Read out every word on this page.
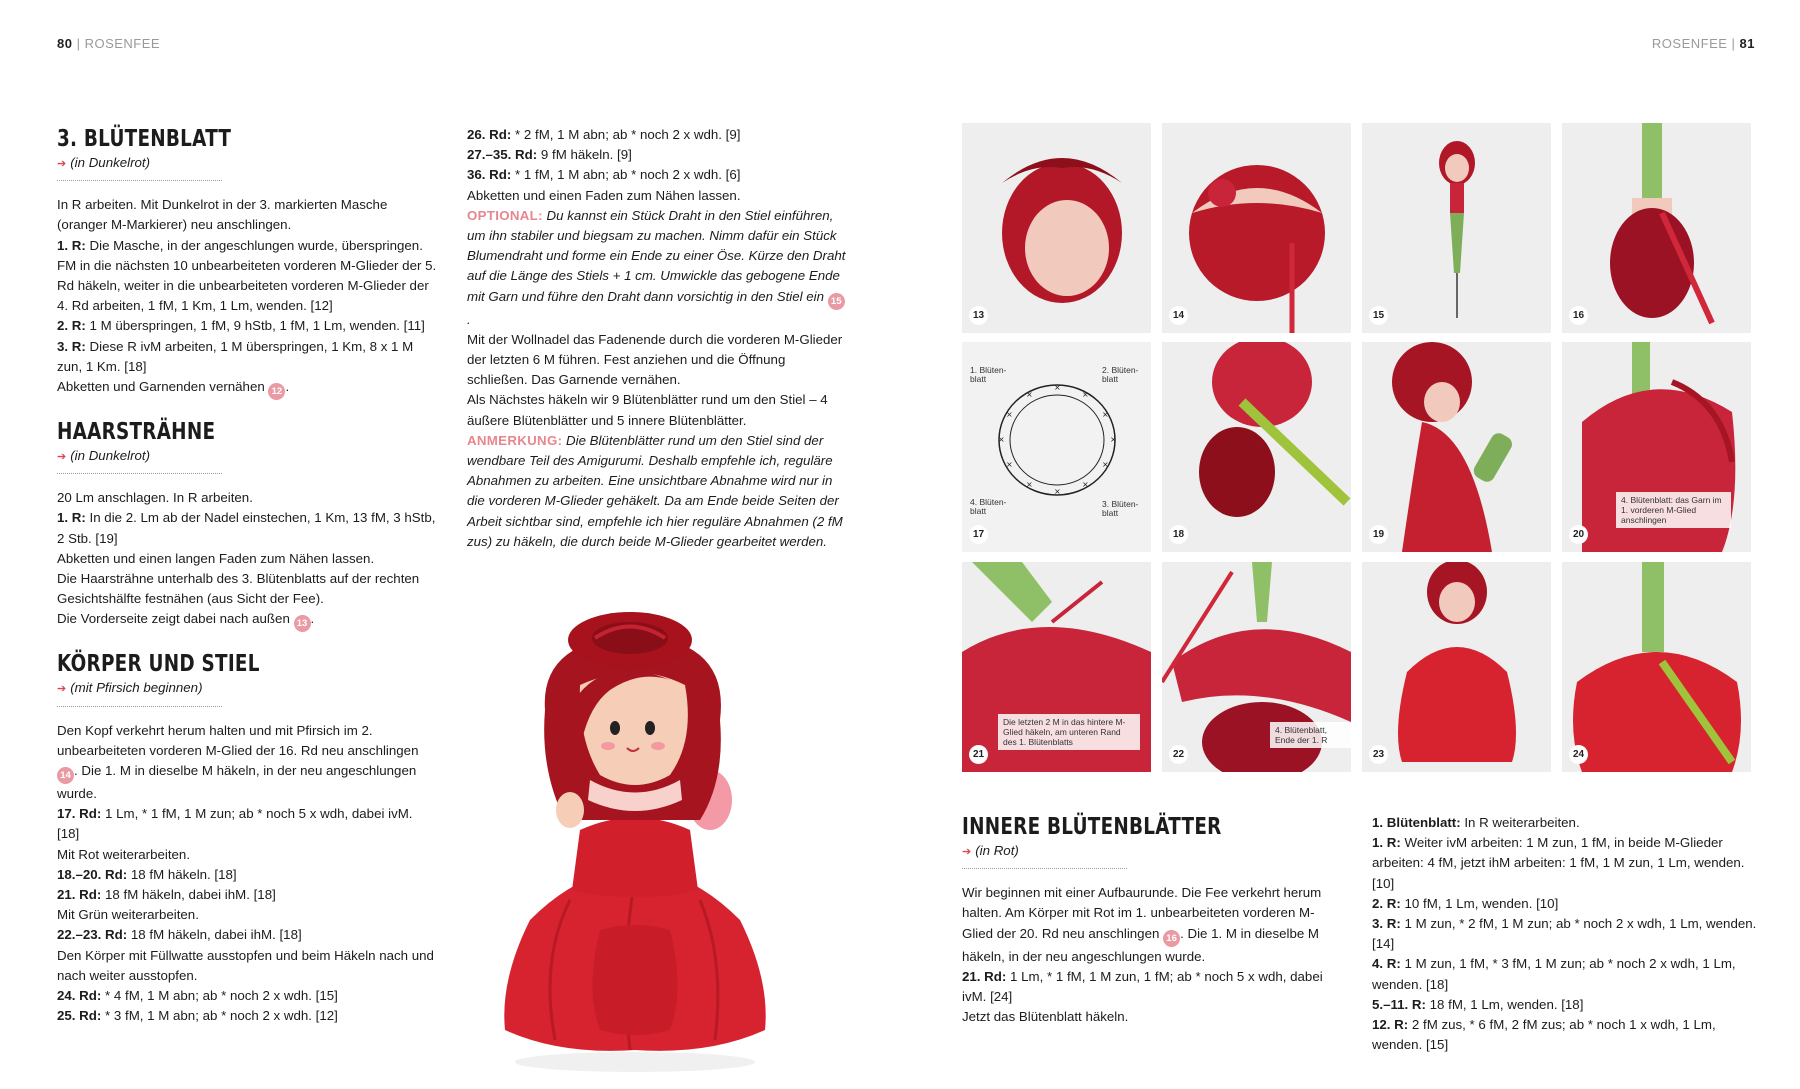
80 | ROSENFEE	ROSENFEE | 81

3. BLÜTENBLATT

➔ (in Dunkelrot)

In R arbeiten. Mit Dunkelrot in der 3. markierten Masche (oranger M-Markierer) neu anschlingen.

1. R: Die Masche, in der angeschlungen wurde, überspringen. FM in die nächsten 10 unbearbeiteten vorderen M-Glieder der 5. Rd häkeln, weiter in die unbearbeiteten vorderen M-Glieder der 4. Rd arbeiten, 1 fM, 1 Km, 1 Lm, wenden. [12]

2. R: 1 M überspringen, 1 fM, 9 hStb, 1 fM, 1 Lm, wenden. [11]

3. R: Diese R ivM arbeiten, 1 M überspringen, 1 Km, 8 x 1 M zun, 1 Km. [18]

Abketten und Garnenden vernähen 12 .

HAARSTRÄHNE

➔ (in Dunkelrot)

20 Lm anschlagen. In R arbeiten.

1. R: In die 2. Lm ab der Nadel einstechen, 1 Km, 13 fM, 3 hStb, 2 Stb. [19]

Abketten und einen langen Faden zum Nähen lassen.

Die Haarsträhne unterhalb des 3. Blütenblatts auf der rechten Gesichtshälfte festnähen (aus Sicht der Fee).

Die Vorderseite zeigt dabei nach außen 13 .

KÖRPER UND STIEL

➔ (mit Pfirsich beginnen)

Den Kopf verkehrt herum halten und mit Pfirsich im 2. unbearbeiteten vorderen M-Glied der 16. Rd neu anschlingen 14 . Die 1. M in dieselbe M häkeln, in der neu angeschlungen wurde.

17. Rd: 1 Lm, * 1 fM, 1 M zun; ab * noch 5 x wdh, dabei ivM. [18]

Mit Rot weiterarbeiten.

18.–20. Rd: 18 fM häkeln. [18]

21. Rd: 18 fM häkeln, dabei ihM. [18]

Mit Grün weiterarbeiten.

22.–23. Rd: 18 fM häkeln, dabei ihM. [18]

Den Körper mit Füllwatte ausstopfen und beim Häkeln nach und nach weiter ausstopfen.

24. Rd: * 4 fM, 1 M abn; ab * noch 2 x wdh. [15]

25. Rd: * 3 fM, 1 M abn; ab * noch 2 x wdh. [12]

26. Rd: * 2 fM, 1 M abn; ab * noch 2 x wdh. [9]

27.–35. Rd: 9 fM häkeln. [9]

36. Rd: * 1 fM, 1 M abn; ab * noch 2 x wdh. [6]

Abketten und einen Faden zum Nähen lassen.

OPTIONAL: Du kannst ein Stück Draht in den Stiel einführen, um ihn stabiler und biegsam zu machen. Nimm dafür ein Stück Blumendraht und forme ein Ende zu einer Öse. Kürze den Draht auf die Länge des Stiels + 1 cm. Umwickle das gebogene Ende mit Garn und führe den Draht dann vorsichtig in den Stiel ein 15.

Mit der Wollnadel das Fadenende durch die vorderen M-Glieder der letzten 6 M führen. Fest anziehen und die Öffnung schließen. Das Garnende vernähen.

Als Nächstes häkeln wir 9 Blütenblätter rund um den Stiel – 4 äußere Blütenblätter und 5 innere Blütenblätter.

ANMERKUNG: Die Blütenblätter rund um den Stiel sind der wendbare Teil des Amigurumi. Deshalb empfehle ich, reguläre Abnahmen zu arbeiten. Eine unsichtbare Abnahme wird nur in die vorderen M-Glieder gehäkelt. Da am Ende beide Seiten der Arbeit sichtbar sind, empfehle ich hier reguläre Abnahmen (2 fM zus) zu häkeln, die durch beide M-Glieder gearbeitet werden.

13	14	15	16
×
×
×
×
×
×
×
×
×
×
×
×
1. Blüten-
blatt
2. Blüten-
blatt
4. Blüten-
blatt
3. Blüten-
blatt
17	18	19
4. Blütenblatt: das Garn im 1. vorderen M-Glied anschlingen
20
Die letzten 2 M in das hintere M-Glied häkeln, am unteren Rand des 1. Blütenblatts
21
4. Blütenblatt, Ende der 1. R
22	23	24

INNERE BLÜTENBLÄTTER

➔ (in Rot)

Wir beginnen mit einer Aufbaurunde. Die Fee verkehrt herum halten. Am Körper mit Rot im 1. unbearbeiteten vorderen M-Glied der 20. Rd neu anschlingen 16 . Die 1. M in dieselbe M häkeln, in der neu angeschlungen wurde.

21. Rd: 1 Lm, * 1 fM, 1 M zun, 1 fM; ab * noch 5 x wdh, dabei ivM. [24]

Jetzt das Blütenblatt häkeln.

1. Blütenblatt: In R weiterarbeiten.

1. R: Weiter ivM arbeiten: 1 M zun, 1 fM, in beide M-Glieder arbeiten: 4 fM, jetzt ihM arbeiten: 1 fM, 1 M zun, 1 Lm, wenden. [10]

2. R: 10 fM, 1 Lm, wenden. [10]

3. R: 1 M zun, * 2 fM, 1 M zun; ab * noch 2 x wdh, 1 Lm, wenden. [14]

4. R: 1 M zun, 1 fM, * 3 fM, 1 M zun; ab * noch 2 x wdh, 1 Lm, wenden. [18]

5.–11. R: 18 fM, 1 Lm, wenden. [18]

12. R: 2 fM zus, * 6 fM, 2 fM zus; ab * noch 1 x wdh, 1 Lm, wenden. [15]
